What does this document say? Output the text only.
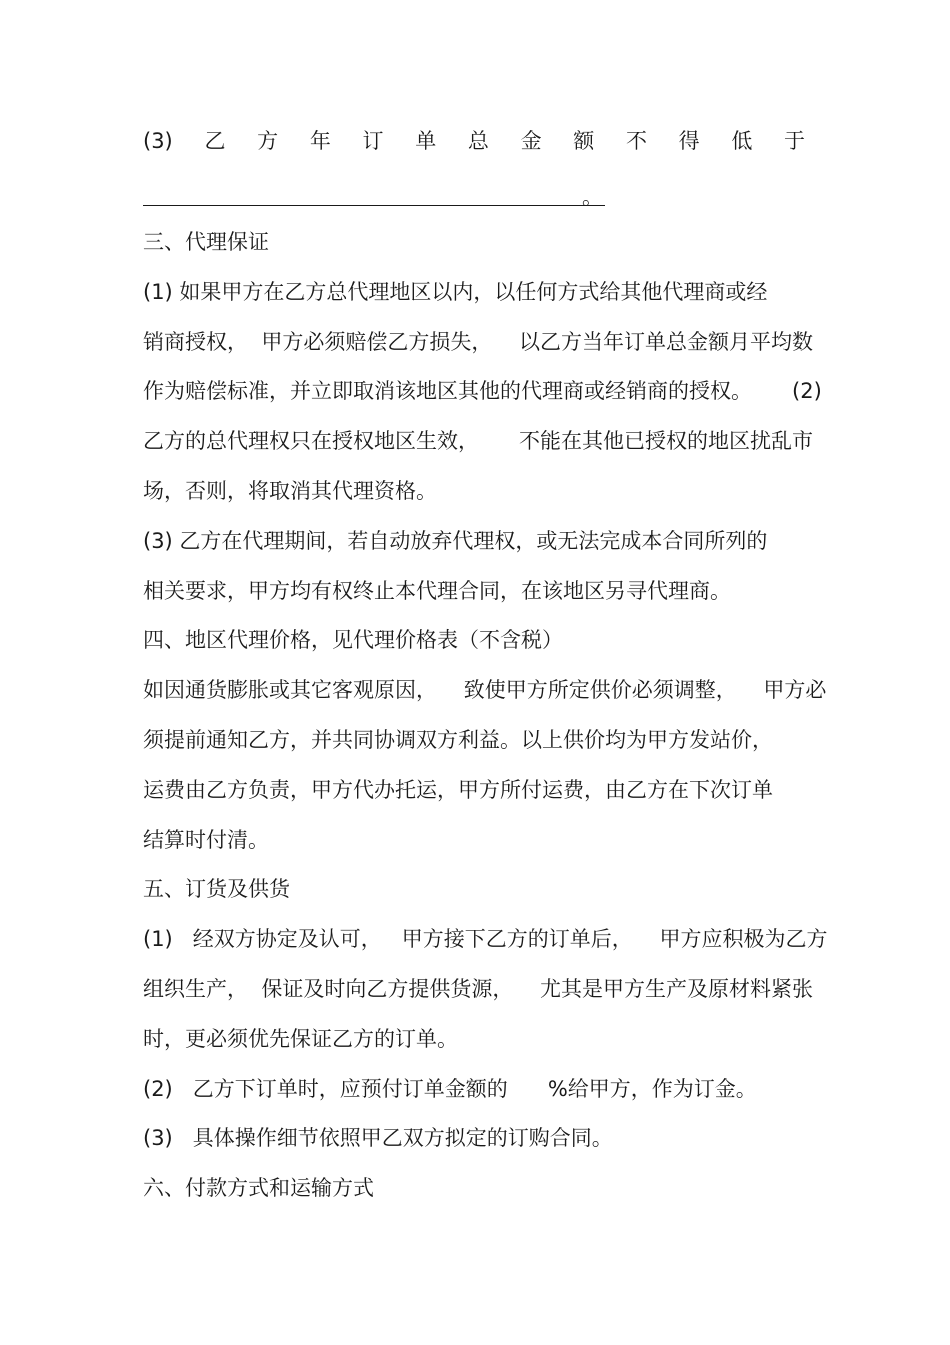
(3) 乙 方 年 订 单 总 金 额 不 得 低 于
。
三、代理保证
(1) 如果甲方在乙方总代理地区以内，以任何方式给其他代理商或经
销商授权，  甲方必须赔偿乙方损失，    以乙方当年订单总金额月平均数
作为赔偿标准，并立即取消该地区其他的代理商或经销商的授权。      (2)
乙方的总代理权只在授权地区生效，      不能在其他已授权的地区扰乱市
场，否则，将取消其代理资格。
(3) 乙方在代理期间，若自动放弃代理权，或无法完成本合同所列的
相关要求，甲方均有权终止本代理合同，在该地区另寻代理商。
四、地区代理价格，见代理价格表（不含税）
如因通货膨胀或其它客观原因，    致使甲方所定供价必须调整，    甲方必
须提前通知乙方，并共同协调双方利益。以上供价均为甲方发站价，
运费由乙方负责，甲方代办托运，甲方所付运费，由乙方在下次订单
结算时付清。
五、订货及供货
(1)   经双方协定及认可，   甲方接下乙方的订单后，    甲方应积极为乙方
组织生产，  保证及时向乙方提供货源，    尤其是甲方生产及原材料紧张
时，更必须优先保证乙方的订单。
(2)   乙方下订单时，应预付订单金额的      %给甲方，作为订金。
(3)   具体操作细节依照甲乙双方拟定的订购合同。
六、付款方式和运输方式
